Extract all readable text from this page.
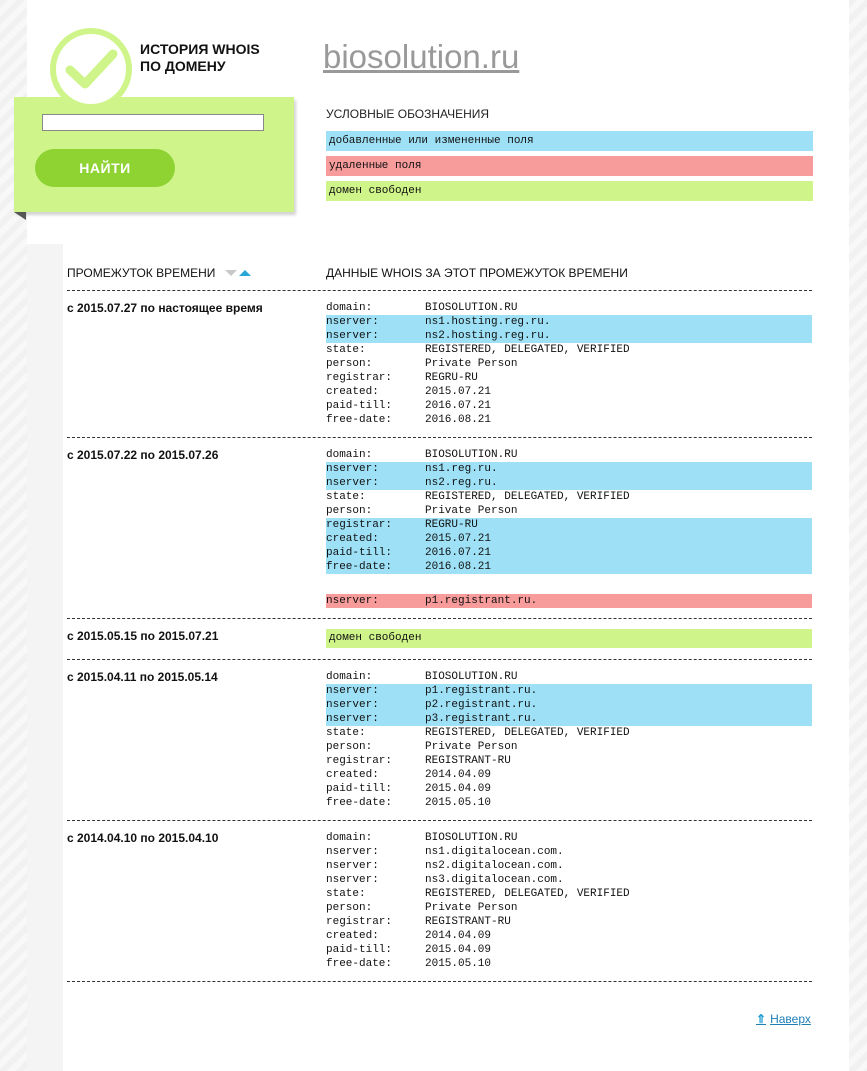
ИСТОРИЯ WHOIS
ПО ДОМЕНУ
НАЙТИ
biosolution.ru
УСЛОВНЫЕ ОБОЗНАЧЕНИЯ
добавленные или измененные поля
удаленные поля
домен свободен
ПРОМЕЖУТОК ВРЕМЕНИ	ДАННЫЕ WHOIS ЗА ЭТОТ ПРОМЕЖУТОК ВРЕМЕНИ
с 2015.07.27 по настоящее время	domain:	BIOSOLUTION.RU
nserver:	ns1.hosting.reg.ru.
nserver:	ns2.hosting.reg.ru.
state:	REGISTERED, DELEGATED, VERIFIED
person:	Private Person
registrar:	REGRU-RU
created:	2015.07.21
paid-till:	2016.07.21
free-date:	2016.08.21
с 2015.07.22 по 2015.07.26	domain:	BIOSOLUTION.RU
nserver:	ns1.reg.ru.
nserver:	ns2.reg.ru.
state:	REGISTERED, DELEGATED, VERIFIED
person:	Private Person
registrar:	REGRU-RU
created:	2015.07.21
paid-till:	2016.07.21
free-date:	2016.08.21
nserver:	p1.registrant.ru.
с 2015.05.15 по 2015.07.21	домен свободен
с 2015.04.11 по 2015.05.14	domain:	BIOSOLUTION.RU
nserver:	p1.registrant.ru.
nserver:	p2.registrant.ru.
nserver:	p3.registrant.ru.
state:	REGISTERED, DELEGATED, VERIFIED
person:	Private Person
registrar:	REGISTRANT-RU
created:	2014.04.09
paid-till:	2015.04.09
free-date:	2015.05.10
с 2014.04.10 по 2015.04.10	domain:	BIOSOLUTION.RU
nserver:	ns1.digitalocean.com.
nserver:	ns2.digitalocean.com.
nserver:	ns3.digitalocean.com.
state:	REGISTERED, DELEGATED, VERIFIED
person:	Private Person
registrar:	REGISTRANT-RU
created:	2014.04.09
paid-till:	2015.04.09
free-date:	2015.05.10
⇑ Наверх
